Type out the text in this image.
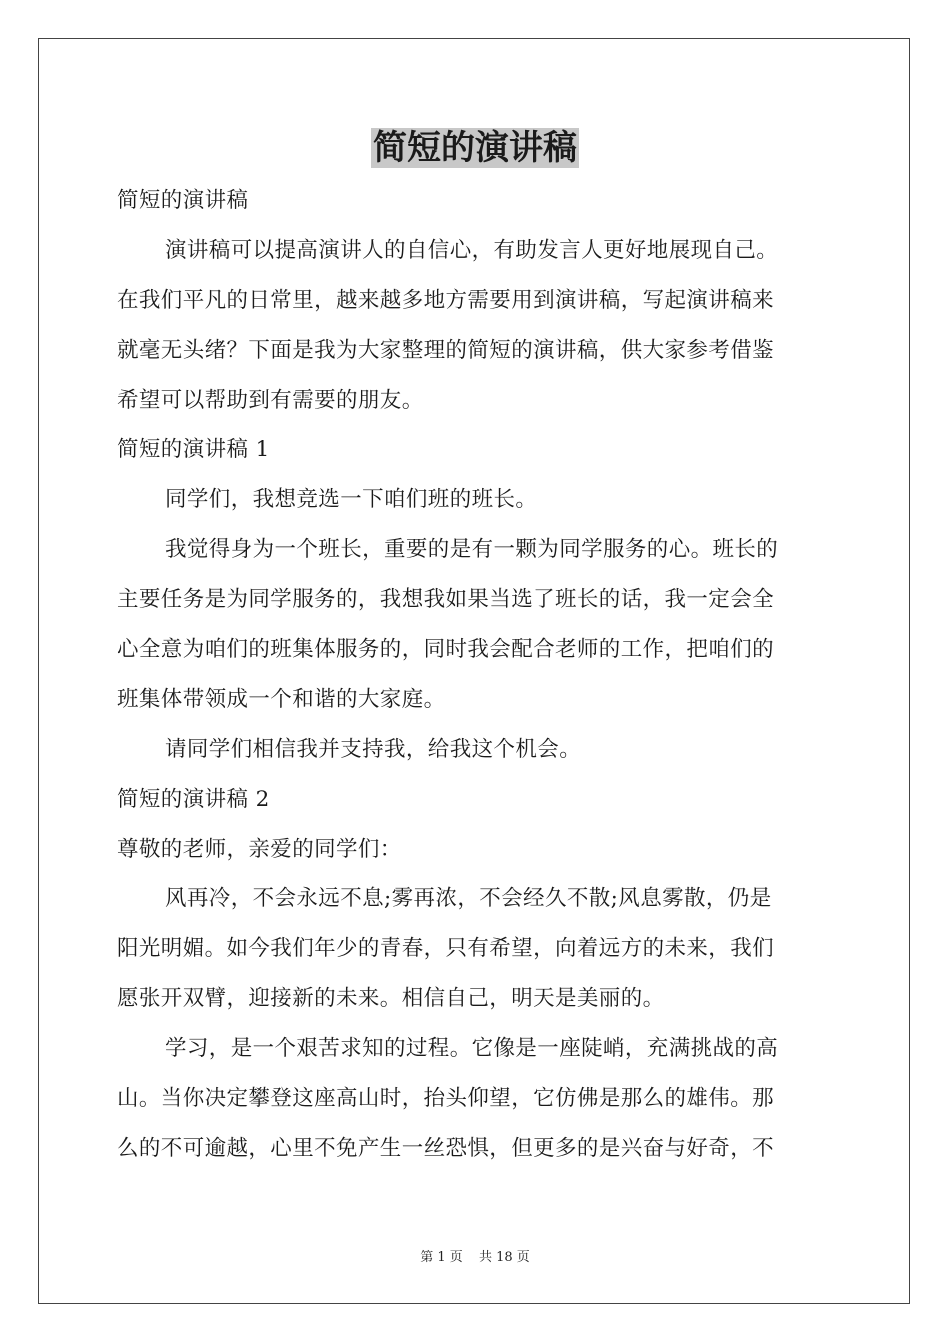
简短的演讲稿
简短的演讲稿
演讲稿可以提高演讲人的自信心，有助发言人更好地展现自己。
在我们平凡的日常里，越来越多地方需要用到演讲稿，写起演讲稿来
就毫无头绪？下面是我为大家整理的简短的演讲稿，供大家参考借鉴
希望可以帮助到有需要的朋友。
简短的演讲稿 1
同学们，我想竞选一下咱们班的班长。
我觉得身为一个班长，重要的是有一颗为同学服务的心。班长的
主要任务是为同学服务的，我想我如果当选了班长的话，我一定会全
心全意为咱们的班集体服务的，同时我会配合老师的工作，把咱们的
班集体带领成一个和谐的大家庭。
请同学们相信我并支持我，给我这个机会。
简短的演讲稿 2
尊敬的老师，亲爱的同学们：
风再冷，不会永远不息;雾再浓，不会经久不散;风息雾散，仍是
阳光明媚。如今我们年少的青春，只有希望，向着远方的未来，我们
愿张开双臂，迎接新的未来。相信自己，明天是美丽的。
学习，是一个艰苦求知的过程。它像是一座陡峭，充满挑战的高
山。当你决定攀登这座高山时，抬头仰望，它仿佛是那么的雄伟。那
么的不可逾越，心里不免产生一丝恐惧，但更多的是兴奋与好奇，不
第 1 页 共 18 页
